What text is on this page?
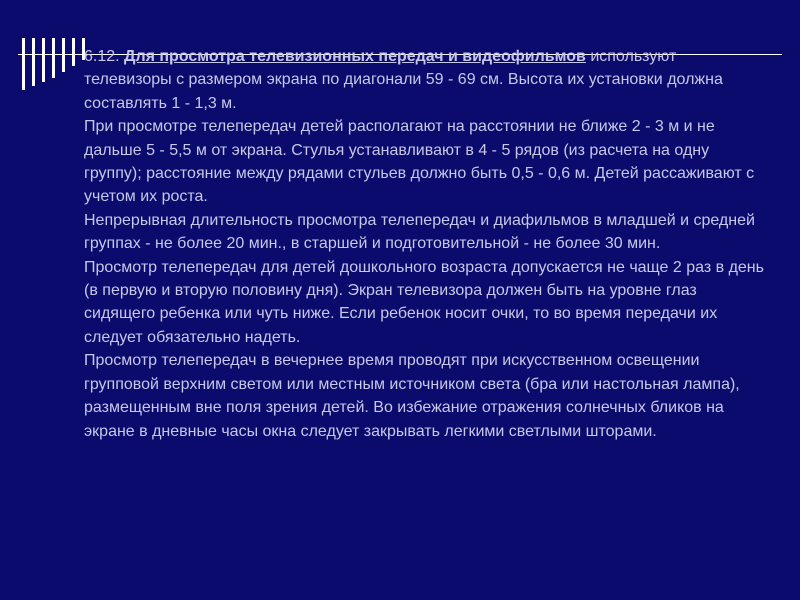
6.12. Для просмотра телевизионных передач и видеофильмов используют телевизоры с размером экрана по диагонали 59 - 69 см. Высота их установки должна составлять 1 - 1,3 м.

При просмотре телепередач детей располагают на расстоянии не ближе 2 - 3 м и не дальше 5 - 5,5 м от экрана. Стулья устанавливают в 4 - 5 рядов (из расчета на одну группу); расстояние между рядами стульев должно быть 0,5 - 0,6 м. Детей рассаживают с учетом их роста.

Непрерывная длительность просмотра телепередач и диафильмов в младшей и средней группах - не более 20 мин., в старшей и подготовительной - не более 30 мин.

Просмотр телепередач для детей дошкольного возраста допускается не чаще 2 раз в день (в первую и вторую половину дня). Экран телевизора должен быть на уровне глаз сидящего ребенка или чуть ниже. Если ребенок носит очки, то во время передачи их следует обязательно надеть.

Просмотр телепередач в вечернее время проводят при искусственном освещении групповой верхним светом или местным источником света (бра или настольная лампа), размещенным вне поля зрения детей. Во избежание отражения солнечных бликов на экране в дневные часы окна следует закрывать легкими светлыми шторами.
